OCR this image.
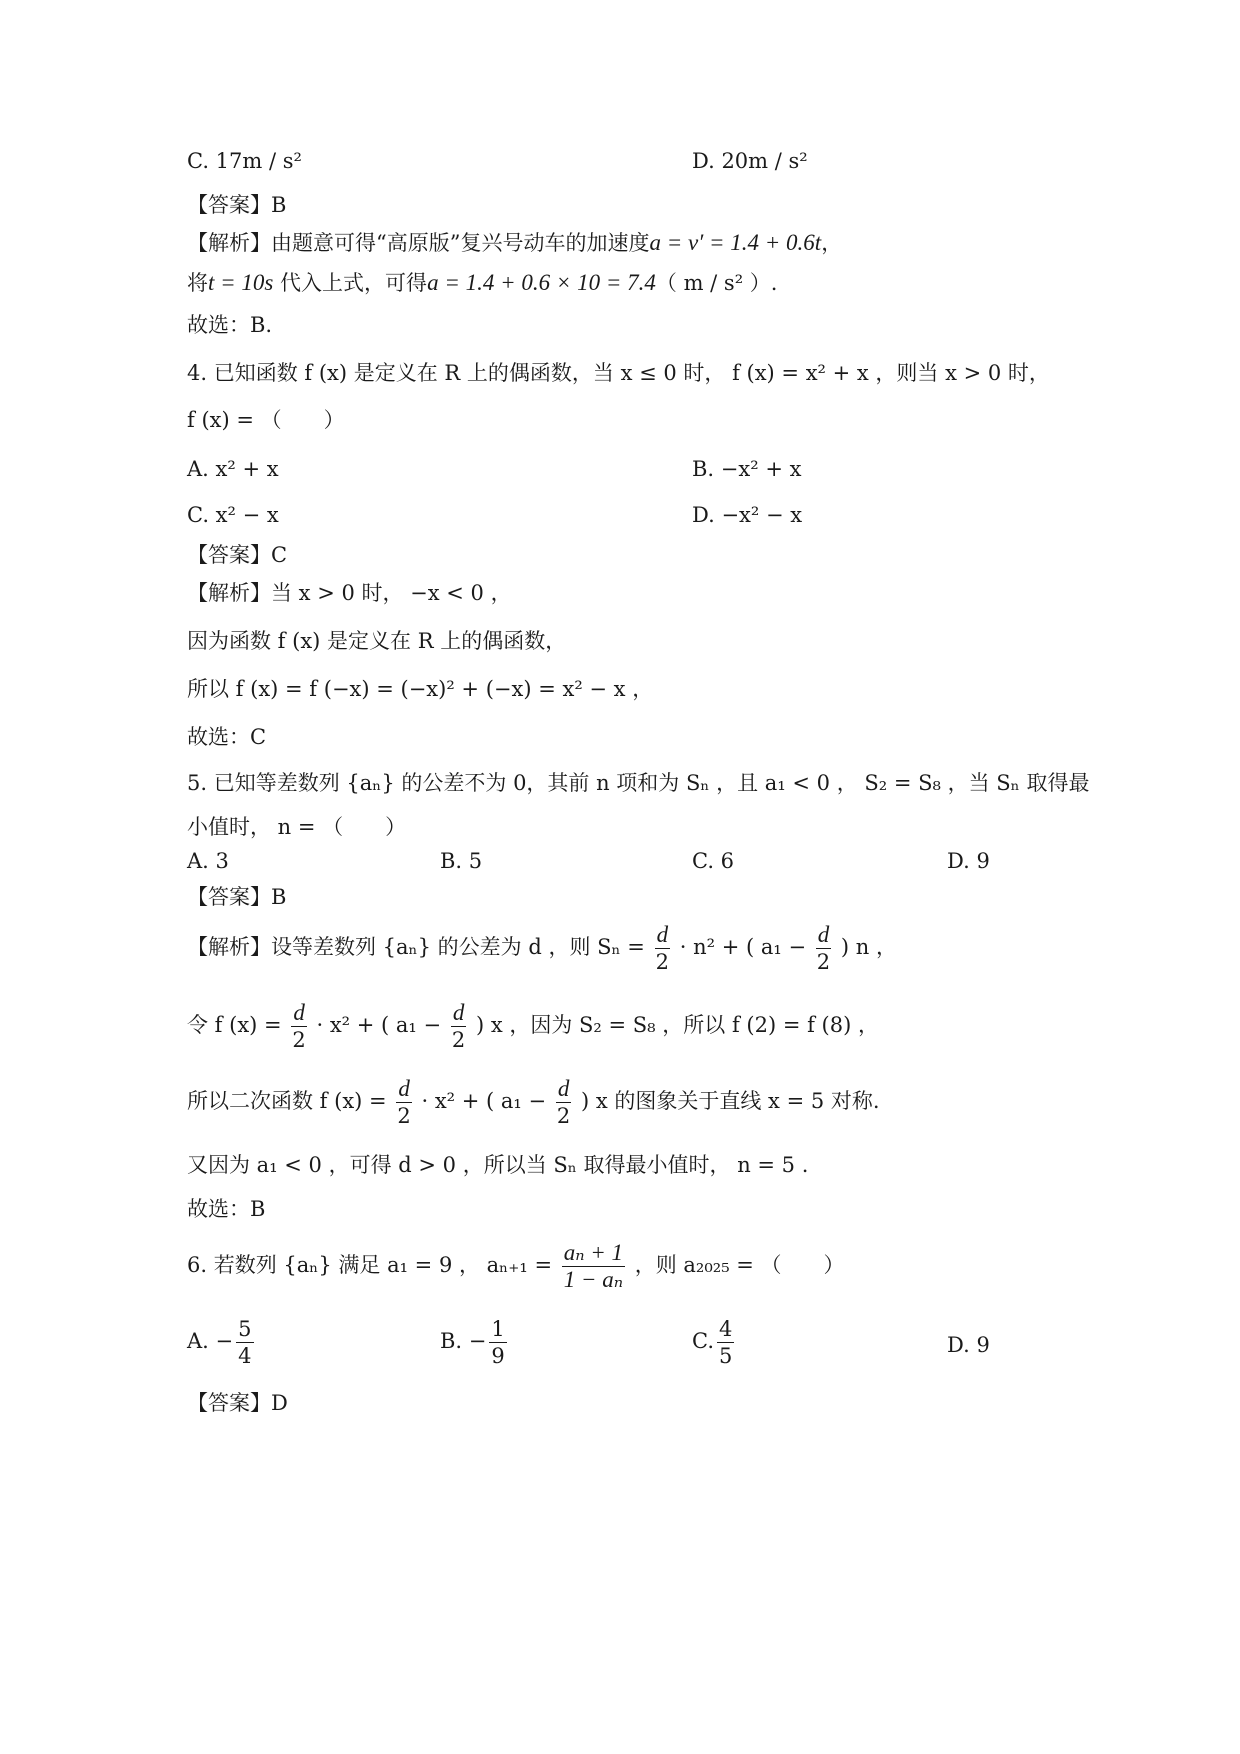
C. 17m / s²	D. 20m / s²
【答案】B
【解析】由题意可得“高原版”复兴号动车的加速度a = v′ = 1.4 + 0.6t，
将t = 10s 代入上式，可得a = 1.4 + 0.6 × 10 = 7.4（ m / s² ）.
故选：B.
4. 已知函数 f (x) 是定义在 R 上的偶函数，当 x ≤ 0 时， f (x) = x² + x ，则当 x > 0 时，
f (x) = （　　）
A. x² + x	B. −x² + x
C. x² − x	D. −x² − x
【答案】C
【解析】当 x > 0 时， −x < 0 ，
因为函数 f (x) 是定义在 R 上的偶函数，
所以 f (x) = f (−x) = (−x)² + (−x) = x² − x ，
故选：C
5. 已知等差数列 {aₙ} 的公差不为 0，其前 n 项和为 Sₙ ，且 a₁ < 0 ， S₂ = S₈ ，当 Sₙ 取得最
小值时， n = （　　）
A. 3	B. 5	C. 6	D. 9
【答案】B
【解析】设等差数列 {aₙ} 的公差为 d ，则 $S_n = \frac{d}{2} \cdot n^2$ + ( $a_1 - \frac{d}{2}$ ) n ，
令 f $(x) = \frac{d}{2} \cdot x^2$ + ( $a_1 - \frac{d}{2}$ ) x ，因为 S₂ = S₈ ，所以 f (2) = f (8) ，
所以二次函数 f $(x) = \frac{d}{2} \cdot x^2$ + ( $a_1 - \frac{d}{2}$ ) x 的图象关于直线 x = 5 对称.
又因为 a₁ < 0 ，可得 d > 0 ，所以当 Sₙ 取得最小值时， n = 5 .
故选：B
6. 若数列 {aₙ} 满足 a₁ = 9 ， $a_{n+1} = \frac{\text{aₙ + 1}}{\text{1 − aₙ}}$ ，则 a₂₀₂₅ = （　　）
A. − $\frac{5}{4}$	B. − $\frac{1}{9}$	C. $\frac{4}{5}$	D. 9
【答案】D
